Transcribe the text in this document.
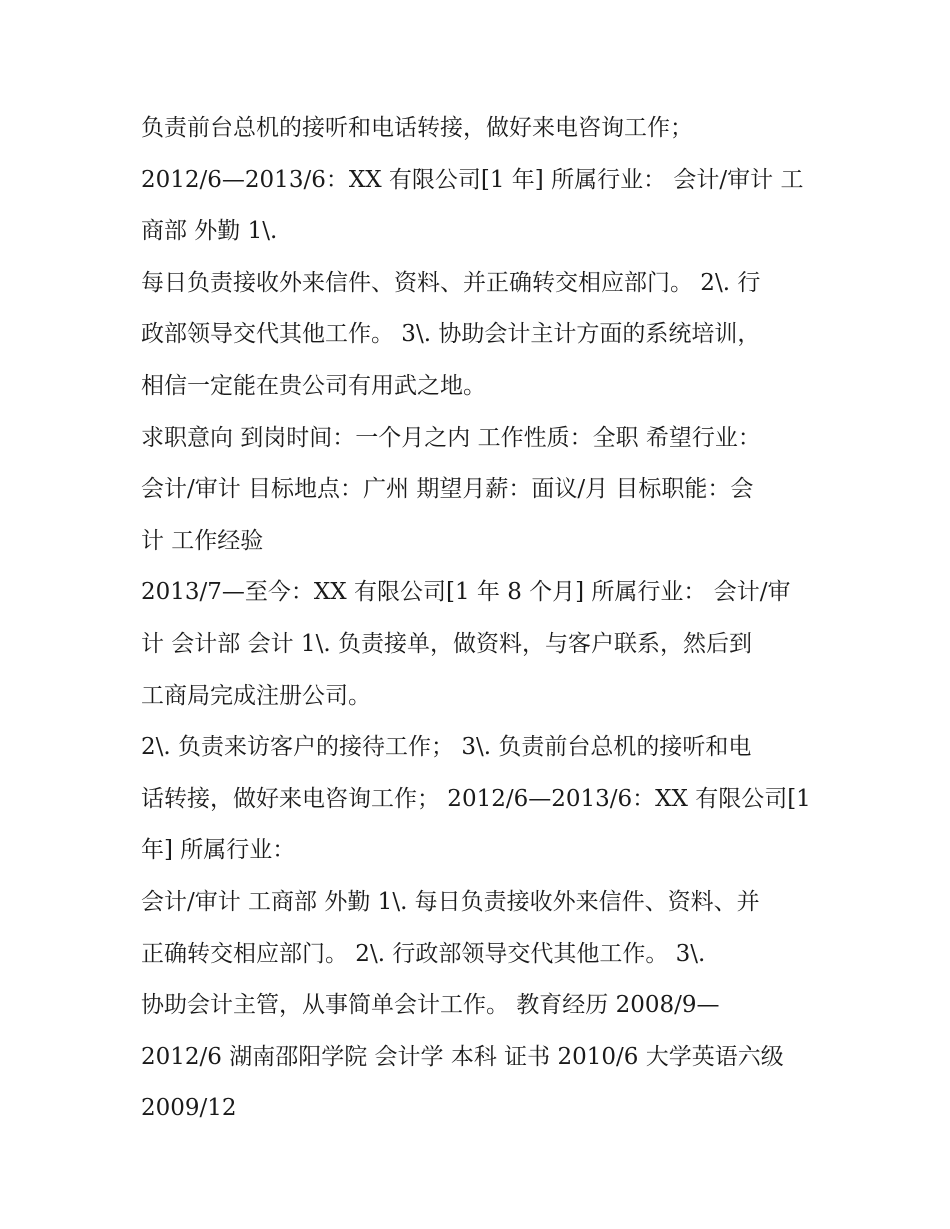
负责前台总机的接听和电话转接，做好来电咨询工作；

2012/6—2013/6：XX 有限公司[1 年] 所属行业： 会计/审计 工
商部 外勤 1\.

每日负责接收外来信件、资料、并正确转交相应部门。 2\. 行
政部领导交代其他工作。 3\. 协助会计主计方面的系统培训，
相信一定能在贵公司有用武之地。

求职意向 到岗时间：一个月之内 工作性质：全职 希望行业：
会计/审计 目标地点：广州 期望月薪：面议/月 目标职能：会
计 工作经验

2013/7—至今：XX 有限公司[1 年 8 个月] 所属行业： 会计/审
计 会计部 会计 1\. 负责接单，做资料，与客户联系，然后到
工商局完成注册公司。

2\. 负责来访客户的接待工作； 3\. 负责前台总机的接听和电
话转接，做好来电咨询工作； 2012/6—2013/6：XX 有限公司[1
年] 所属行业：

会计/审计 工商部 外勤 1\. 每日负责接收外来信件、资料、并
正确转交相应部门。 2\. 行政部领导交代其他工作。 3\.
协助会计主管，从事简单会计工作。 教育经历 2008/9—
2012/6 湖南邵阳学院 会计学 本科 证书 2010/6 大学英语六级
2009/12
